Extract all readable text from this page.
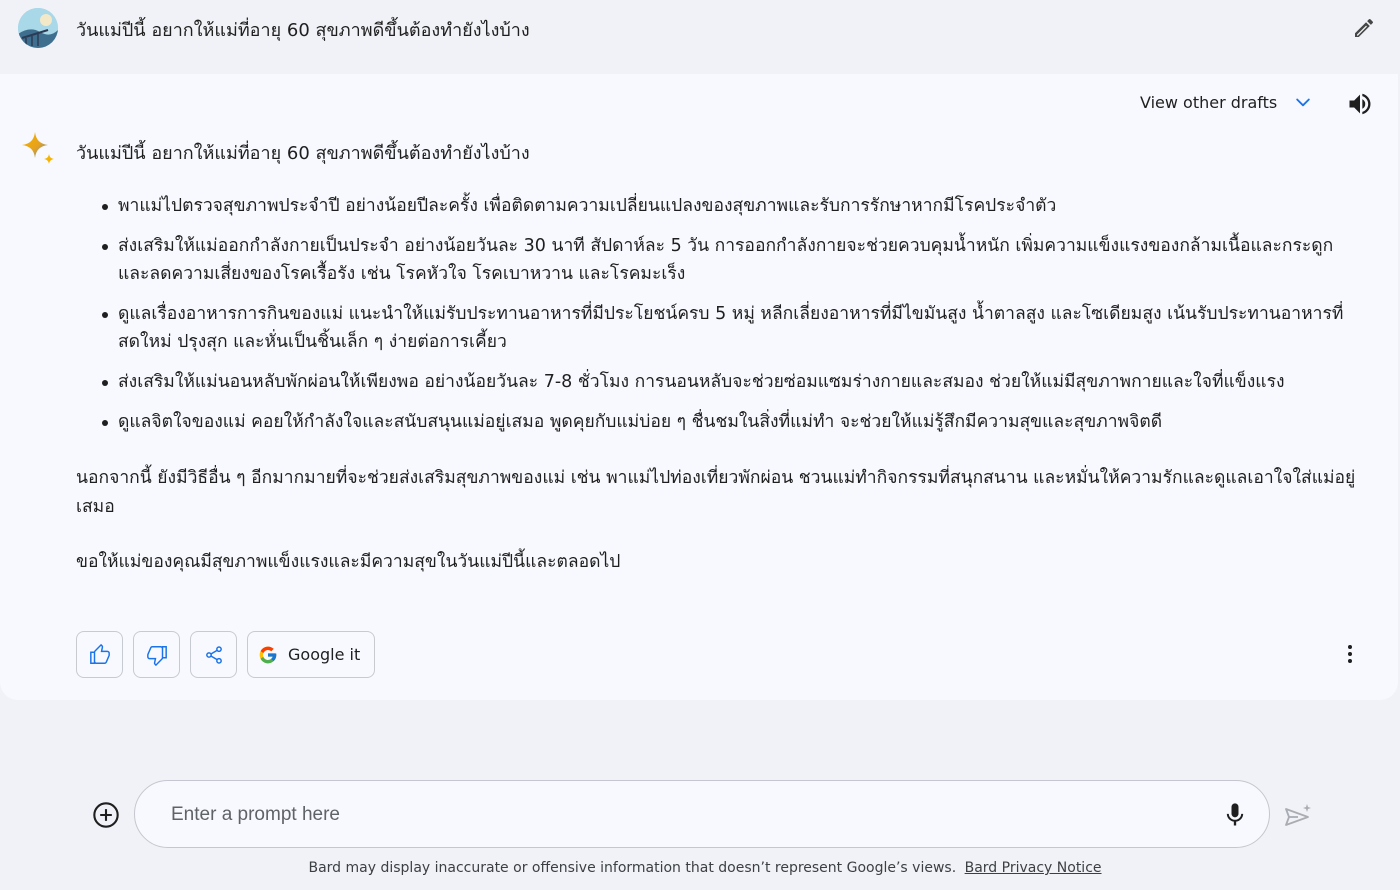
วันแม่ปีนี้ อยากให้แม่ที่อายุ 60 สุขภาพดีขึ้นต้องทำยังไงบ้าง
View other drafts
วันแม่ปีนี้ อยากให้แม่ที่อายุ 60 สุขภาพดีขึ้นต้องทำยังไงบ้าง
พาแม่ไปตรวจสุขภาพประจำปี อย่างน้อยปีละครั้ง เพื่อติดตามความเปลี่ยนแปลงของสุขภาพและรับการรักษาหากมีโรคประจำตัว
ส่งเสริมให้แม่ออกกำลังกายเป็นประจำ อย่างน้อยวันละ 30 นาที สัปดาห์ละ 5 วัน การออกกำลังกายจะช่วยควบคุมน้ำหนัก เพิ่มความแข็งแรงของกล้ามเนื้อและกระดูก และลดความเสี่ยงของโรคเรื้อรัง เช่น โรคหัวใจ โรคเบาหวาน และโรคมะเร็ง
ดูแลเรื่องอาหารการกินของแม่ แนะนำให้แม่รับประทานอาหารที่มีประโยชน์ครบ 5 หมู่ หลีกเลี่ยงอาหารที่มีไขมันสูง น้ำตาลสูง และโซเดียมสูง เน้นรับประทานอาหารที่สดใหม่ ปรุงสุก และหั่นเป็นชิ้นเล็ก ๆ ง่ายต่อการเคี้ยว
ส่งเสริมให้แม่นอนหลับพักผ่อนให้เพียงพอ อย่างน้อยวันละ 7-8 ชั่วโมง การนอนหลับจะช่วยซ่อมแซมร่างกายและสมอง ช่วยให้แม่มีสุขภาพกายและใจที่แข็งแรง
ดูแลจิตใจของแม่ คอยให้กำลังใจและสนับสนุนแม่อยู่เสมอ พูดคุยกับแม่บ่อย ๆ ชื่นชมในสิ่งที่แม่ทำ จะช่วยให้แม่รู้สึกมีความสุขและสุขภาพจิตดี

นอกจากนี้ ยังมีวิธีอื่น ๆ อีกมากมายที่จะช่วยส่งเสริมสุขภาพของแม่ เช่น พาแม่ไปท่องเที่ยวพักผ่อน ชวนแม่ทำกิจกรรมที่สนุกสนาน และหมั่นให้ความรักและดูแลเอาใจใส่แม่อยู่เสมอ

ขอให้แม่ของคุณมีสุขภาพแข็งแรงและมีความสุขในวันแม่ปีนี้และตลอดไป

Google it
Enter a prompt here
Bard may display inaccurate or offensive information that doesn’t represent Google’s views. Bard Privacy Notice
